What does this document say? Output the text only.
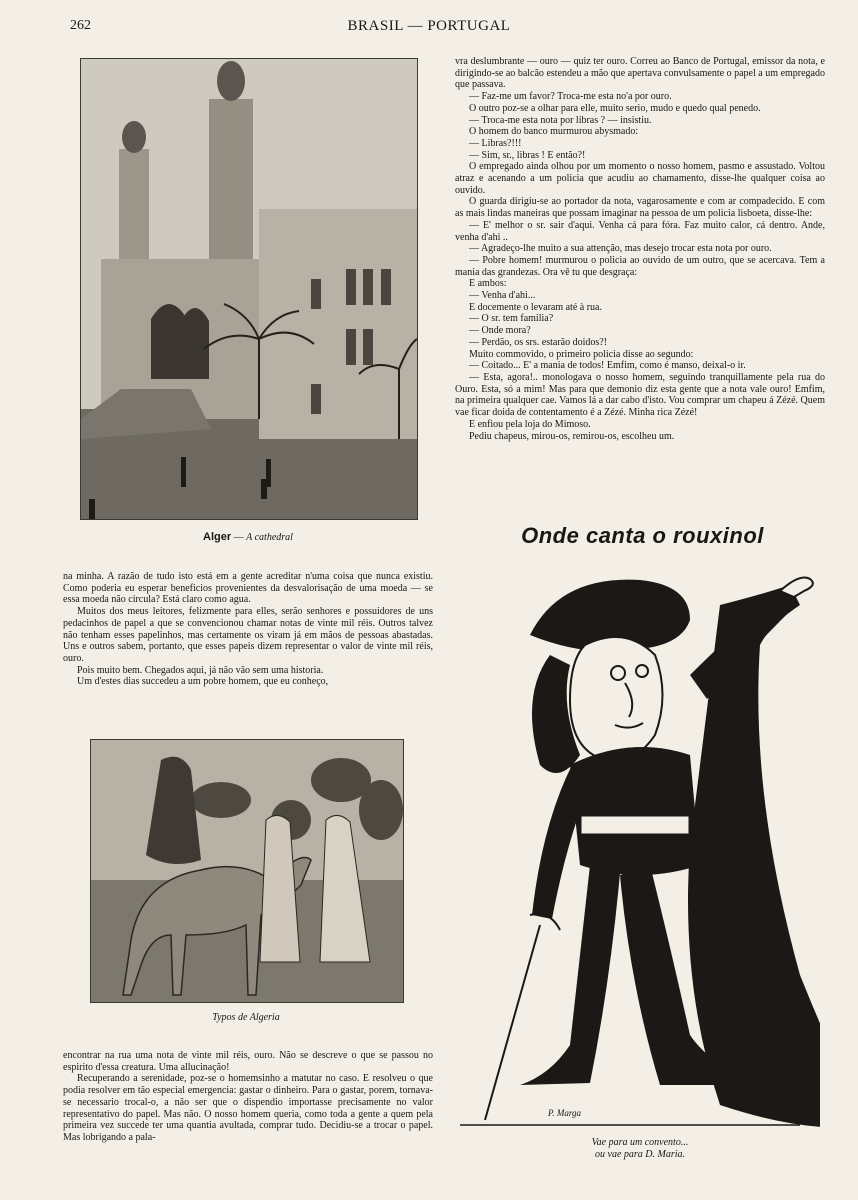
262	BRASIL — PORTUGAL
Alger — A cathedral

vra deslumbrante — ouro — quiz ter ouro. Correu ao Banco de Portugal, emissor da nota, e dirigindo-se ao balcão estendeu a mão que apertava convulsamente o papel a um empregado que passava.

— Faz-me um favor? Troca-me esta no'a por ouro.

O outro poz-se a olhar para elle, muito serio, mudo e quedo qual penedo.

— Troca-me esta nota por libras ? — insistiu.

O homem do banco murmurou abysmado:

— Libras?!!!

— Sim, sr., libras ! E então?!

O empregado ainda olhou por um momento o nosso homem, pasmo e assustado. Voltou atraz e acenando a um policia que acudiu ao chamamento, disse-lhe qualquer coisa ao ouvido.

O guarda dirigiu-se ao portador da nota, vagarosamente e com ar compadecido. E com as mais lindas maneiras que possam imaginar na pessoa de um policia lisboeta, disse-lhe:

— E' melhor o sr. sair d'aqui. Venha cá para fóra. Faz muito calor, cá dentro. Ande, venha d'ahi ..

— Agradeço-lhe muito a sua attenção, mas desejo trocar esta nota por ouro.

— Pobre homem! murmurou o policia ao ouvido de um outro, que se acercava. Tem a mania das grandezas. Ora vê tu que desgraça:

E ambos:

— Venha d'ahi...

E docemente o levaram até à rua.

— O sr. tem familia?

— Onde mora?

— Perdão, os srs. estarão doidos?!

Muito commovido, o primeiro policia disse ao segundo:

— Coitado... E' a mania de todos! Emfim, como é manso, deixal-o ir.

— Esta, agora!.. monologava o nosso homem, seguindo tranquillamente pela rua do Ouro. Esta, só a mim! Mas para que demonio diz esta gente que a nota vale ouro! Emfim, na primeira qualquer cae. Vamos lá a dar cabo d'isto. Vou comprar um chapeu á Zézé. Quem vae ficar doida de contentamento é a Zézé. Minha rica Zézé!

E enfiou pela loja do Mimoso.

Pediu chapeus, mirou-os, remirou-os, escolheu um.

Onde canta o rouxinol

na minha. A razão de tudo isto está em a gente acreditar n'uma coisa que nunca existiu. Como poderia eu esperar beneficios provenientes da desvalorisação de uma moeda — se essa moeda não circula? Está claro como agua.

Muitos dos meus leitores, felizmente para elles, serão senhores e possuidores de uns pedacinhos de papel a que se convencionou chamar notas de vinte mil réis. Outros talvez não tenham esses papelinhos, mas certamente os viram já em mãos de pessoas abastadas. Uns e outros sabem, portanto, que esses papeis dizem representar o valor de vinte mil réis, ouro.

Pois muito bem. Chegados aqui, já não vão sem uma historia.

Um d'estes dias succedeu a um pobre homem, que eu conheço,

Typos de Algeria

encontrar na rua uma nota de vinte mil réis, ouro. Não se descreve o que se passou no espirito d'essa creatura. Uma allucinação!

Recuperando a serenidade, poz-se o homemsinho a matutar no caso. E resolveu o que podia resolver em tão especial emergencia: gastar o dinheiro. Para o gastar, porem, tornava-se necessario trocal-o, a não ser que o dispendio importasse precisamente no valor representativo do papel. Mas não. O nosso homem queria, como toda a gente a quem pela primeira vez succede ter uma quantia avultada, comprar tudo. Decidiu-se a trocar o papel. Mas lobrigando a pala-

P. Marga
Vae para um convento...
ou vae para D. Maria.
